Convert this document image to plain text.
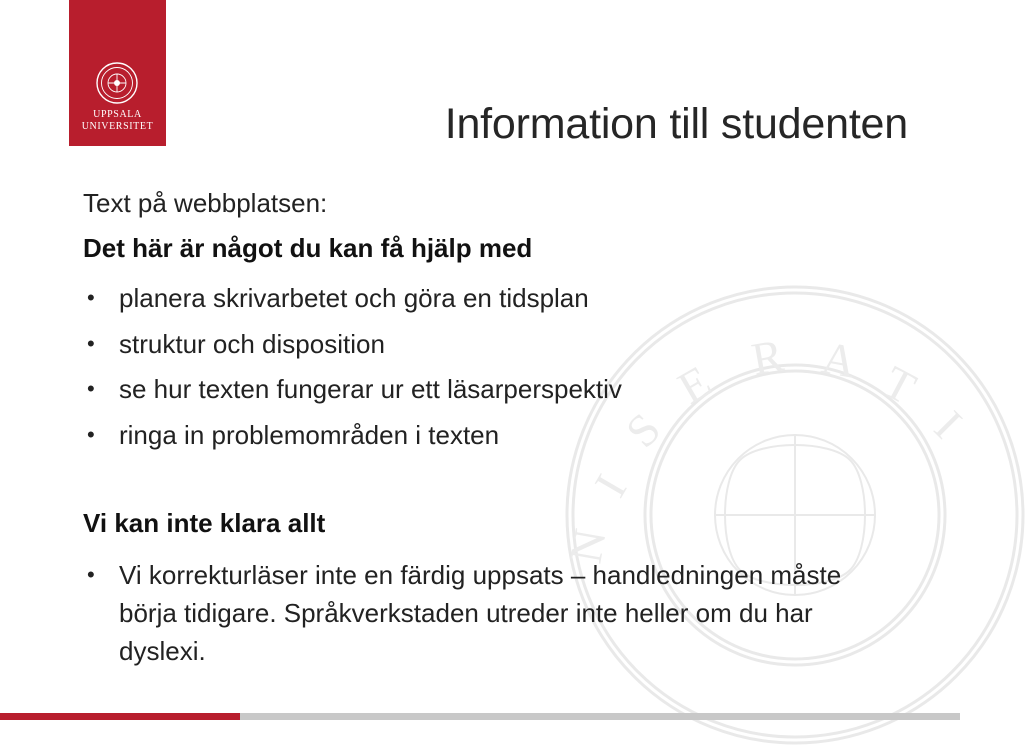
I
S
E R A T
I
N
UPPSALA
UNIVERSITET	Information till studenten
Text på webbplatsen:
Det här är något du kan få hjälp med
• planera skrivarbetet och göra en tidsplan
• struktur och disposition
• se hur texten fungerar ur ett läsarperspektiv
• ringa in problemområden i texten
Vi kan inte klara allt
• Vi korrekturläser inte en färdig uppsats – handledningen måste börja tidigare. Språkverkstaden utreder inte heller om du har dyslexi.
